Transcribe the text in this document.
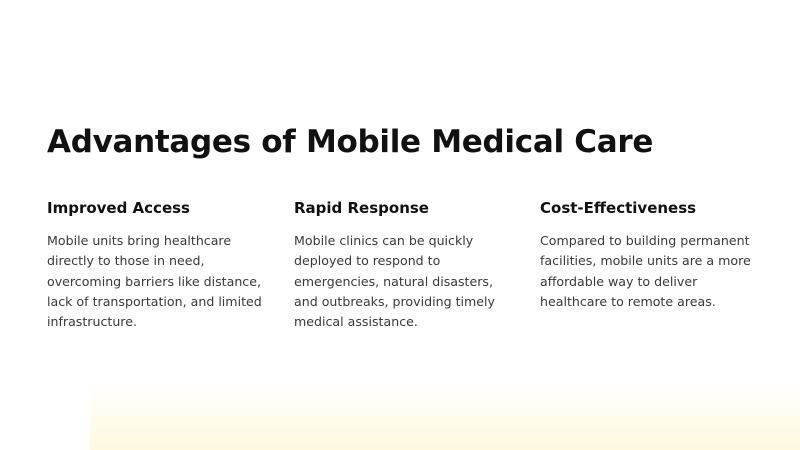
Advantages of Mobile Medical Care
Improved Access

Mobile units bring healthcare directly to those in need, overcoming barriers like distance, lack of transportation, and limited infrastructure.

Rapid Response

Mobile clinics can be quickly deployed to respond to emergencies, natural disasters, and outbreaks, providing timely medical assistance.

Cost-Effectiveness

Compared to building permanent facilities, mobile units are a more affordable way to deliver healthcare to remote areas.
